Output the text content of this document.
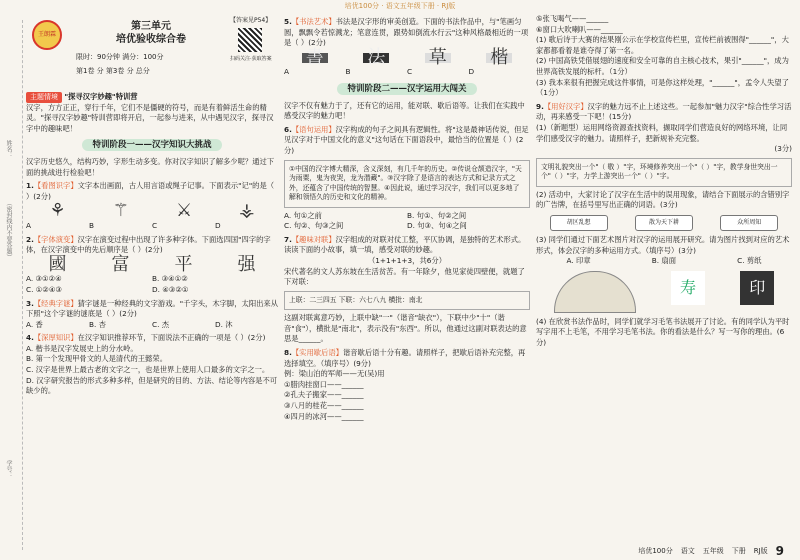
培优100分 · 语文五年级下册 · RJ版
姓名：
（密封线内不要答题）
学号：
王朗霖
第三单元
培优验收综合卷
【答案见P54】
扫码关注·获取答案
限时：90分钟 满分：100分
第1卷 分 第3卷 分 总分
主题情境 "探寻汉字妙趣"特训营
汉字，方方正正，穿行千年，它们不是僵硬的符号，而是有着鲜活生命的精灵。"探寻汉字妙趣"特训营即将开启，一起参与进来，从中遇见汉字，探寻汉字中的趣味吧！
特训阶段一——汉字知识大挑战
汉字历史悠久，结构巧妙，字形生动多变。你对汉字知识了解多少呢？通过下面的挑战进行检验吧！
1.【看图识字】文字本出画面，古人用言语或绳子记事。下面表示"记"的是（ ）(2分)
⚘	⚚	⚔	⚶
A	B	C	D
2.【字体演变】汉字在演变过程中出现了许多种字体。下面选四国"四字的字体，在汉字演变中的先后顺序是（ ）(2分)
國	富	平	强
A. ③①②④	B. ③④①②
C. ①②④③	D. ④③②①
3.【经典字谜】猜字谜是一种经典的文字游戏。"千字头，木字脚，太阳出来从下照"这个字谜的谜底是（ ）(2分)
A. 香	B. 杏	C. 杰	D. 沐
4.【深厚知识】在汉字知识推荐环节，下面说法不正确的一项是（ ）(2分)
A. 楷书是汉字发展史上的分水岭。
B. 第一个发现甲骨文的人是清代的王懿荣。
C. 汉字是世界上最古老的文字之一，也是世界上使用人口最多的文字之一。
D. 汉字研究报告的形式多种多样，但是研究的目的、方法、结论等内容是不可缺少的。
5.【书法艺术】书法是汉字形的审美创造。下面的书法作品中，与"笔画匀圆，飘飘令若惊溅龙；笔意连贯，跟势如倒流水行云"这种风格最相近的一项是（ ）(2分)
書 法 草 楷
A	B	C	D
特训阶段二——汉字运用大闯关
汉字不仅有魅力于了，还有它的运用，能对联、歇后语等。让我们在实践中感受汉字的魅力吧！
6.【语句运用】汉字构成的句子之间具有逻辑性。将"这是最神话传说，但足见汉字对于中国文化的意义"这句话在下面语段中，最恰当的位置是（ ）(2分)
①中国的汉字博大精深，含义深刻，有几千年的历史。②传说仓颉造汉字，"天为雨粟，鬼为夜哭，龙为潜藏"。③汉字除了是语言的表达方式和记录方式之外，还蕴含了中国传统的智慧。④因此说，通过学习汉字，我们可以更多地了解和领悟久的历史和文化的精神。
A. 句①之前	B. 句①、句②之间
C. 句②、句③之间	D. 句③、句④之间
7.【趣味对联】汉字组成的对联对仗工整，平仄协调，是独特的艺术形式。读读下面的小故事，填一填，感受对联的妙趣。
（1+1+1+3，共6分）
宋代著名的文人苏东坡在生活贫苦。有一年除夕，他见家徒四壁便，就题了下对联：
上联：二三四五 下联：六七八九 横批：南北
这副对联寓意巧妙，上联中缺"一"（谐音"缺衣"），下联中少"十"（谐音"食"），横批是"南北"，表示没有"东西"。所以，他通过这副对联表达的意思是______。
8.【实用歇后语】谐音歇后语十分有趣。请照样子，把歇后语补充完整，再选择填空。（填序号）(9分)
例：梁山泊的军师——无(吴)用
①腊肉挂窗口——______
②孔夫子搬家——______
③八月的桂花——______
④四月的冰河——______
⑤张飞喝气——______
⑥窗口大吹喇叭——______
(1) 歌后诗于大赛的结果刚公示在学校宣传栏里，宣传栏前被围得"______"，大家都都看着是谁夺得了第一名。
(2) 中国高铁凭借展翅的速度和安全可靠的自主核心技术，果引"______"，成为世界高铁发展的标杆。（1分）
(3) 我本来很有把握完成这件事情，可是你这样处理，"______"，孟令人失望了（1分）
9.【用好汉字】汉字的魅力远不止上述这些。一起参加"魅力汉字"综合性学习活动，再来感受一下吧！(15分)
(1)（新题型）运用网络资源查找资料，撷取同学们营造良好的网络环境，让同学们感受汉字的魅力。请照样子，把新规补充完整。
(3分)
文明礼貌突出一个"（ 敬 ）"字，环境修养突出一个"（ ）"字，教学身世突出一个"（ ）"字，力学上游突出一个"（ ）"字。
(2) 活动中，大家讨论了汉字在生活中的误用现象，请结合下面展示的含错别字的广告牌，在括号里写出正确的词语。(3分)
胡区乱想	散为天下耕	众所周知
(3) 同学们通过下面艺术图片对汉字的运用展开研究。请为图片找到对应的艺术形式，体会汉字的多种运用方式。（填序号）(3分)
A. 印章	B. 扇面	C. 剪纸
寿	印
(4) 在欣赏书法作品时，同学们就学习毛笔书法展开了讨论。有的同学认为平时写字用不上毛笔，不用学习毛笔书法。你的看法是什么？写一写你的理由。(6分)
培优100分 语文 五年级 下册 RJ版 9
